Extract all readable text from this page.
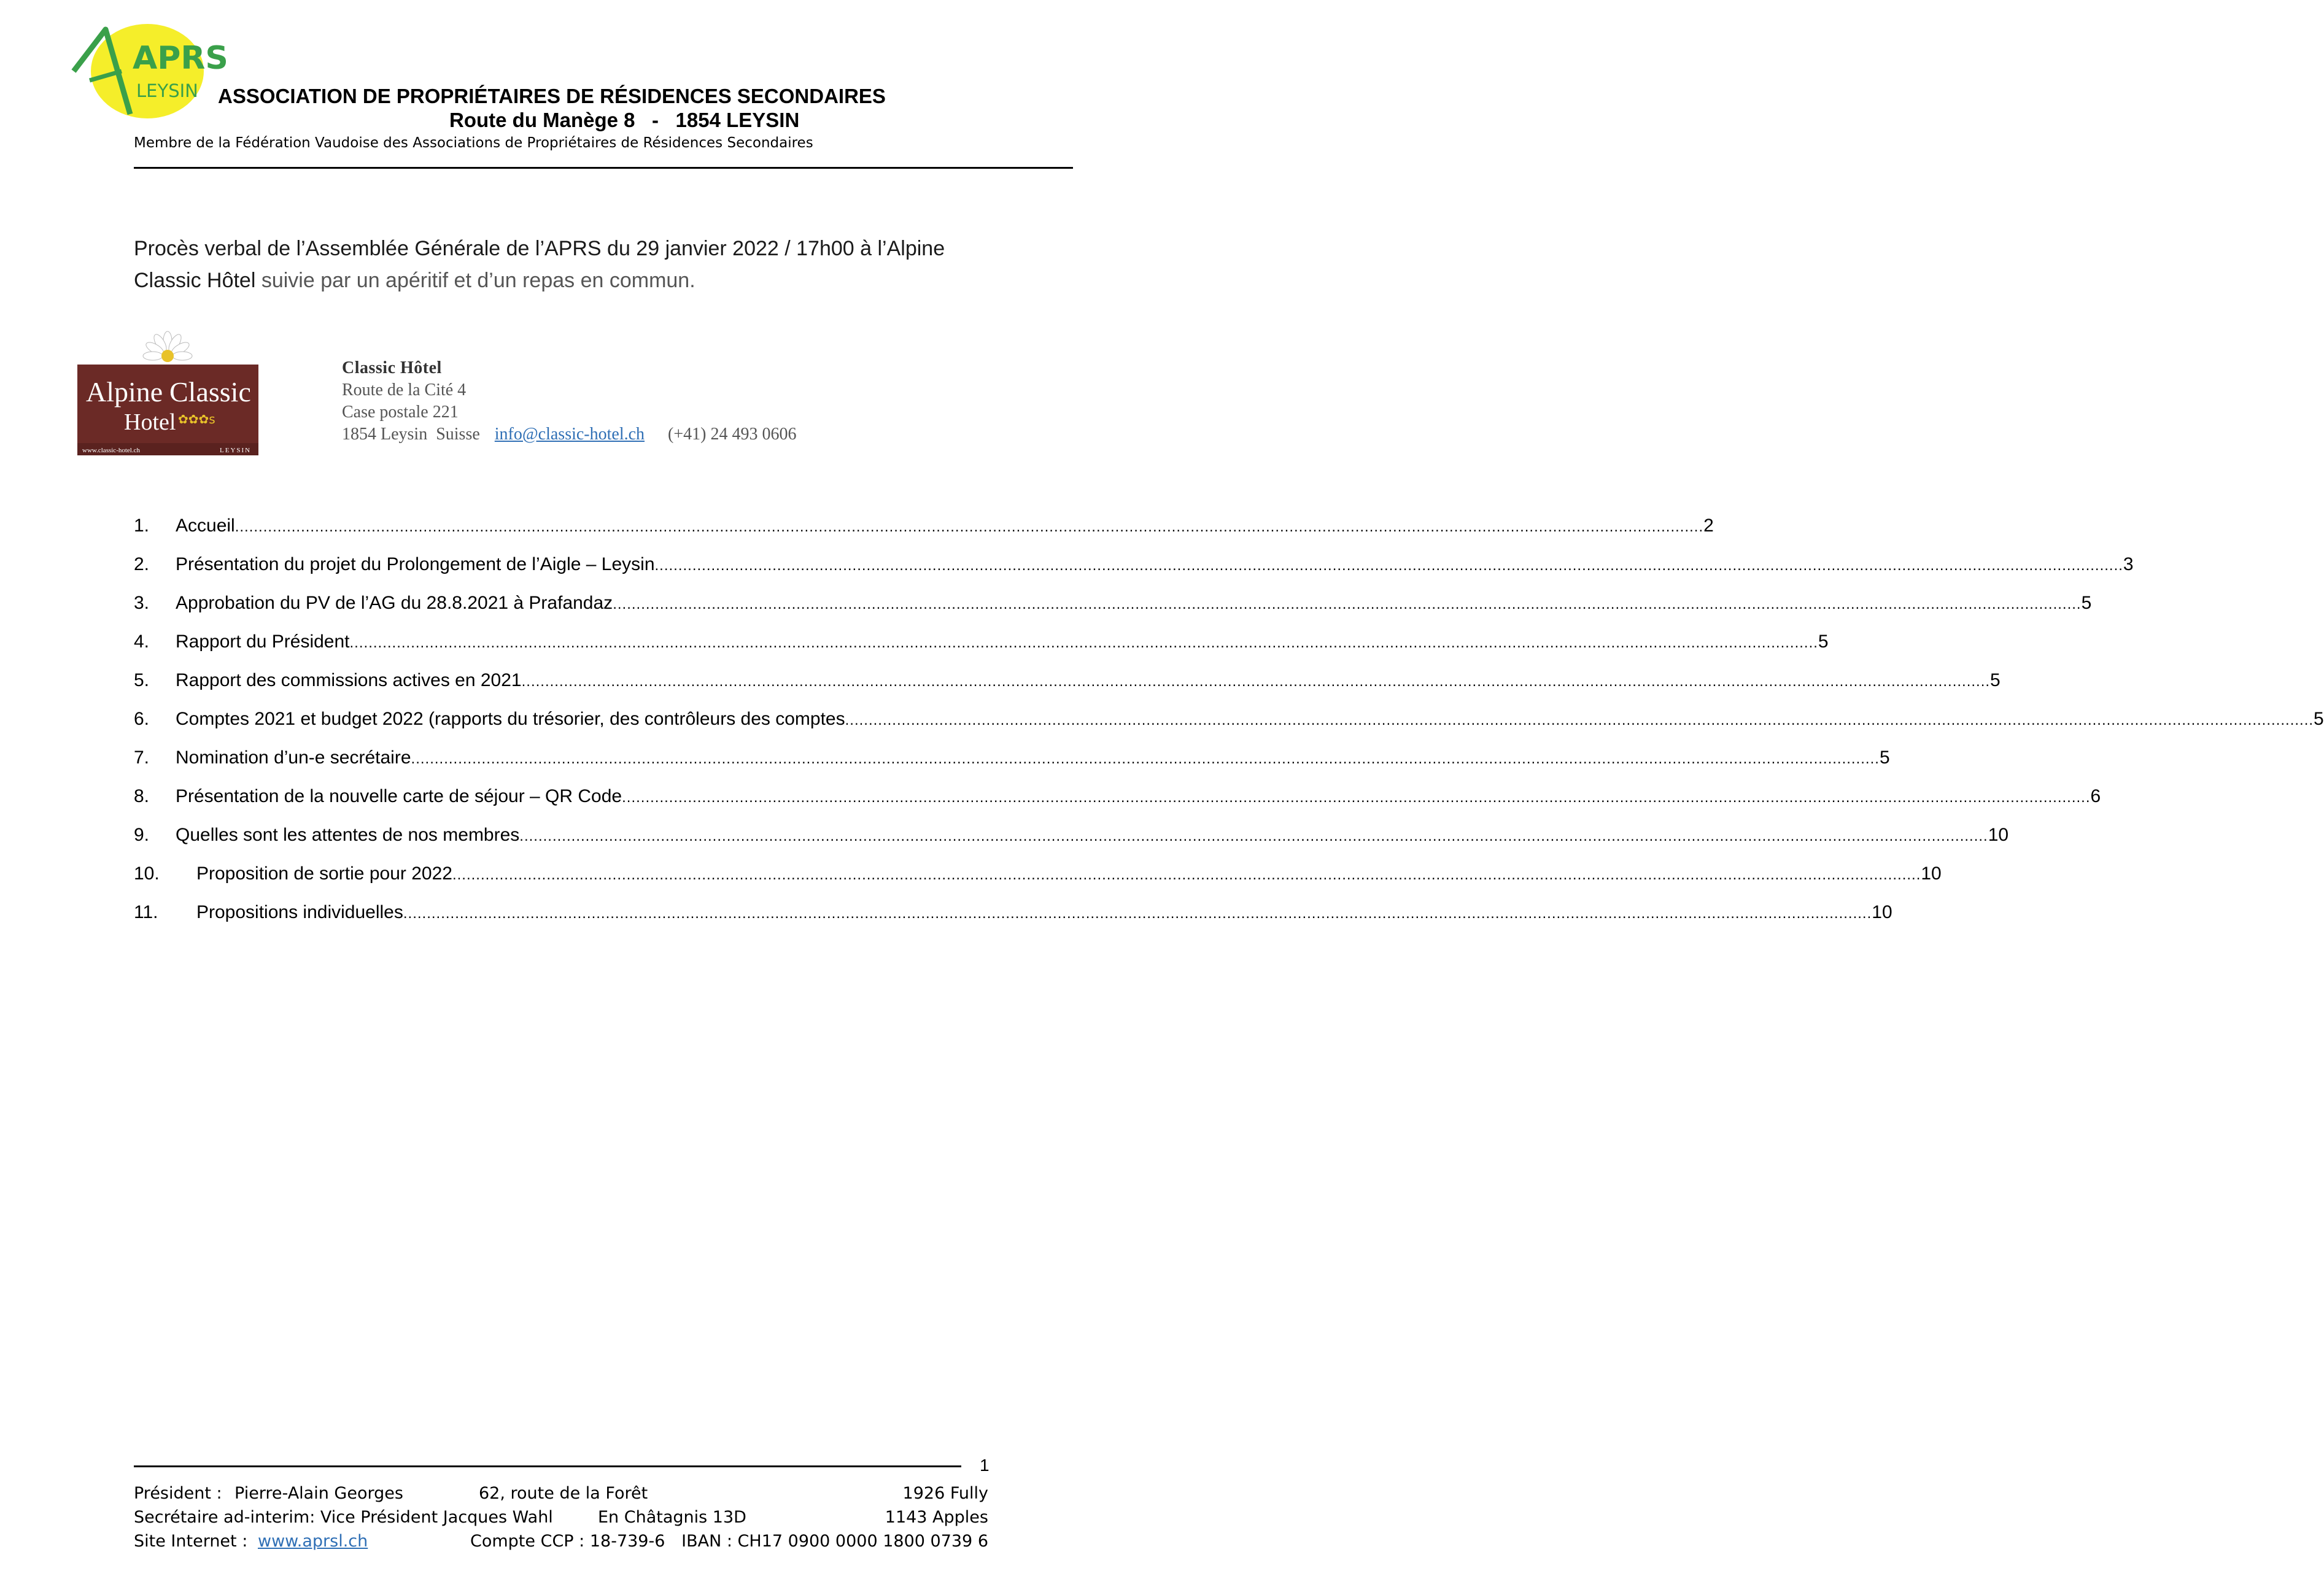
APRS
LEYSIN ASSOCIATION DE PROPRIÉTAIRES DE RÉSIDENCES SECONDAIRES
Route du Manège 8   -   1854 LEYSIN
Membre de la Fédération Vaudoise des Associations de Propriétaires de Résidences Secondaires
Procès verbal de l’Assemblée Générale de l’APRS du 29 janvier 2022 / 17h00 à l’Alpine
Classic Hôtel suivie par un apéritif et d’un repas en commun.
Alpine Classic
Hotel ✿✿✿s
www.classic-hotel.ch	LEYSIN
Classic Hôtel
Route de la Cité 4
Case postale 221
1854 Leysin  Suisse info@classic-hotel.ch (+41) 24 493 0606
1.	Accueil .....	2
2.	Présentation du projet du Prolongement de l’Aigle – Leysin .....	3
3.	Approbation du PV de l’AG du 28.8.2021 à Prafandaz .....	5
4.	Rapport du Président .....	5
5.	Rapport des commissions actives en 2021 .....	5
6.	Comptes 2021 et budget 2022 (rapports du trésorier, des contrôleurs des comptes .....	5
7.	Nomination d’un-e secrétaire .....	5
8.	Présentation de la nouvelle carte de séjour – QR Code .....	6
9.	Quelles sont les attentes de nos membres .....	10
10.	Proposition de sortie pour 2022 .....	10
11.	Propositions individuelles .....	10
1
Président : Pierre-Alain Georges	62, route de la Forêt	1926 Fully
Secrétaire ad-interim: Vice Président Jacques Wahl	En Châtagnis 13D	1143 Apples
Site Internet : www.aprsl.ch	Compte CCP : 18-739-6 IBAN : CH17 0900 0000 1800 0739 6
